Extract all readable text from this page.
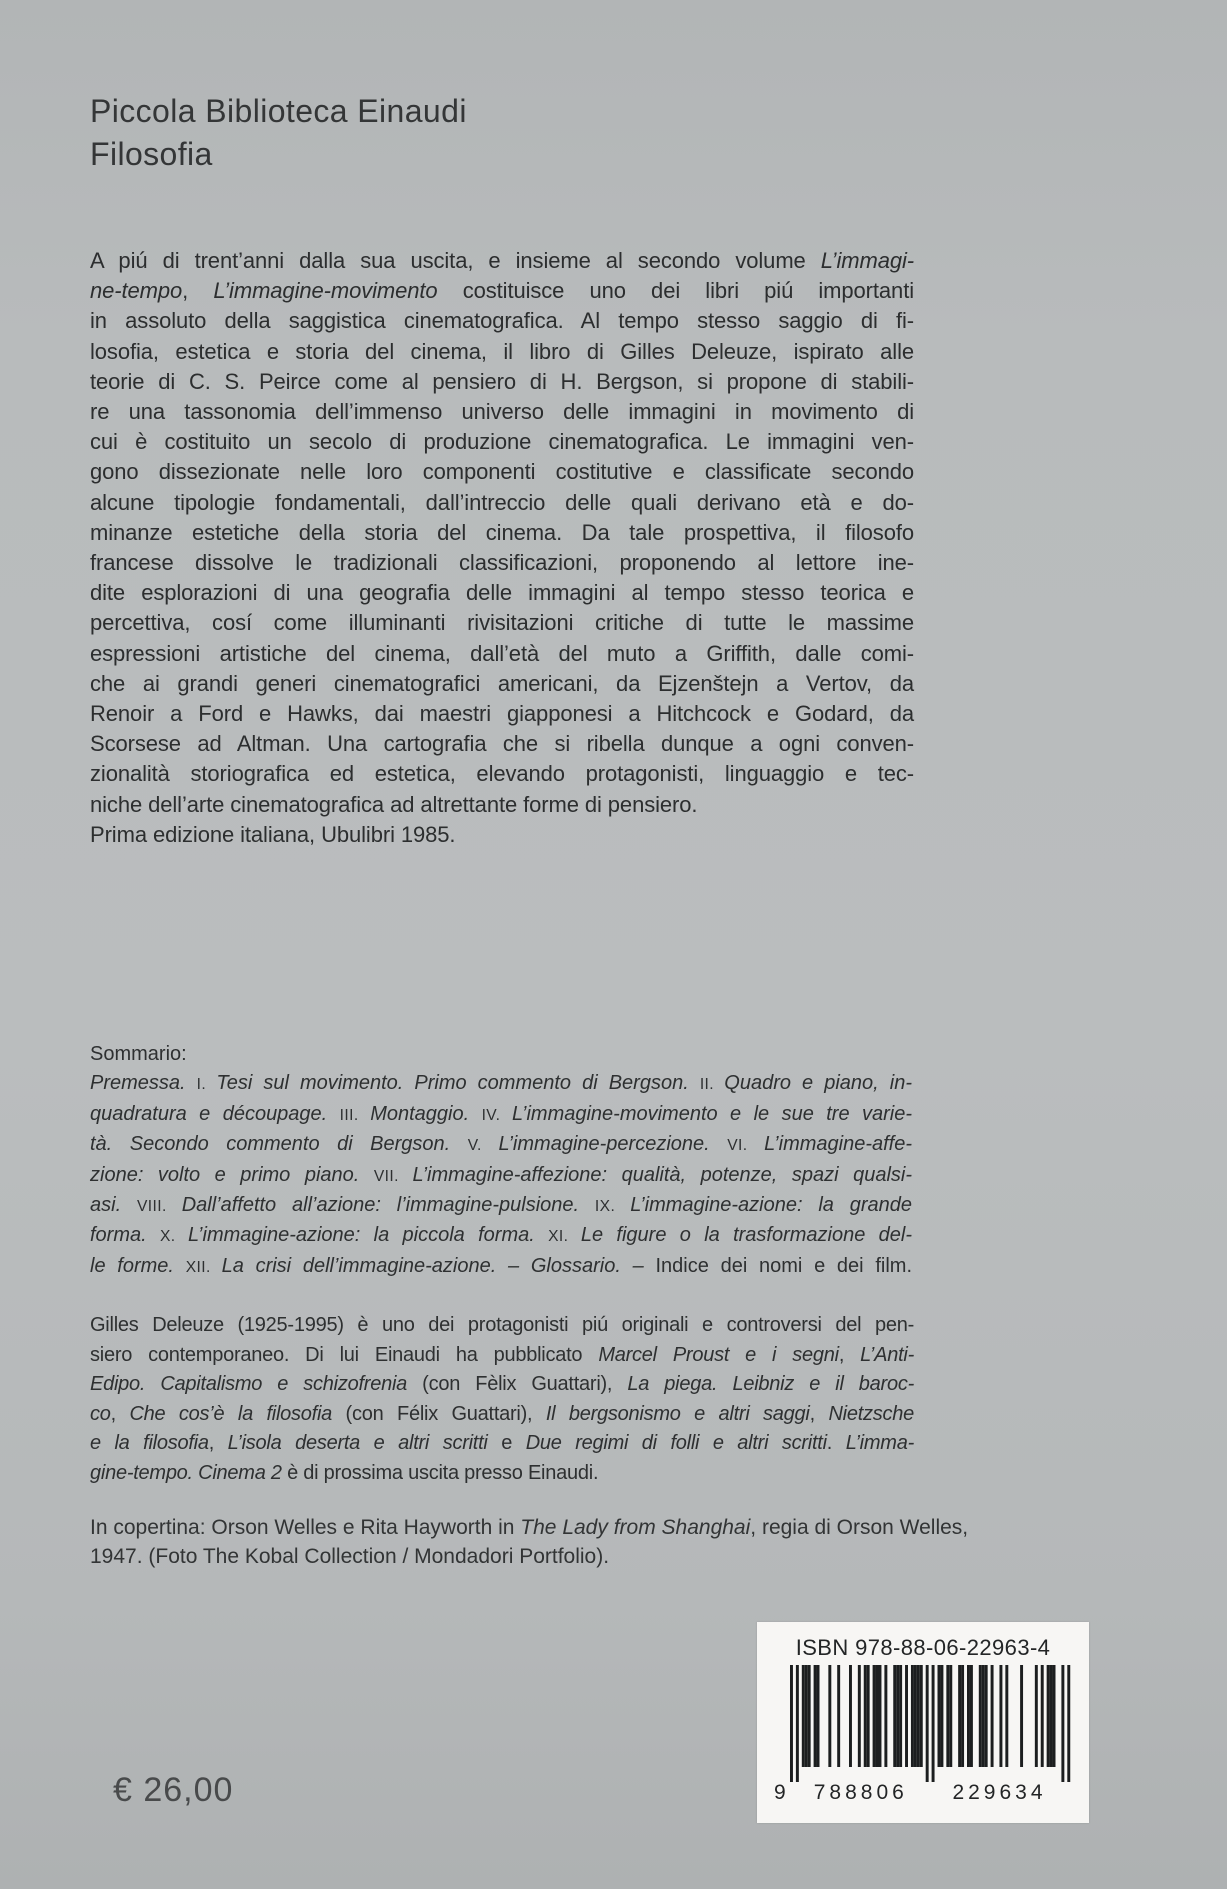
Piccola Biblioteca Einaudi
Filosofia
A piú di trent’anni dalla sua uscita, e insieme al secondo volume L’immagi-
ne-tempo, L’immagine-movimento costituisce uno dei libri piú importanti
in assoluto della saggistica cinematografica. Al tempo stesso saggio di fi-
losofia, estetica e storia del cinema, il libro di Gilles Deleuze, ispirato alle
teorie di C. S. Peirce come al pensiero di H. Bergson, si propone di stabili-
re una tassonomia dell’immenso universo delle immagini in movimento di
cui è costituito un secolo di produzione cinematografica. Le immagini ven-
gono dissezionate nelle loro componenti costitutive e classificate secondo
alcune tipologie fondamentali, dall’intreccio delle quali derivano età e do-
minanze estetiche della storia del cinema. Da tale prospettiva, il filosofo
francese dissolve le tradizionali classificazioni, proponendo al lettore ine-
dite esplorazioni di una geografia delle immagini al tempo stesso teorica e
percettiva, cosí come illuminanti rivisitazioni critiche di tutte le massime
espressioni artistiche del cinema, dall’età del muto a Griffith, dalle comi-
che ai grandi generi cinematografici americani, da Ejzenštejn a Vertov, da
Renoir a Ford e Hawks, dai maestri giapponesi a Hitchcock e Godard, da
Scorsese ad Altman. Una cartografia che si ribella dunque a ogni conven-
zionalità storiografica ed estetica, elevando protagonisti, linguaggio e tec-
niche dell’arte cinematografica ad altrettante forme di pensiero.
Prima edizione italiana, Ubulibri 1985.
Sommario:
Premessa. I. Tesi sul movimento. Primo commento di Bergson. II. Quadro e piano, in-
quadratura e découpage. III. Montaggio. IV. L’immagine-movimento e le sue tre varie-
tà. Secondo commento di Bergson. V. L’immagine-percezione. VI. L’immagine-affe-
zione: volto e primo piano. VII. L’immagine-affezione: qualità, potenze, spazi qualsi-
asi. VIII. Dall’affetto all’azione: l’immagine-pulsione. IX. L’immagine-azione: la grande
forma. X. L’immagine-azione: la piccola forma. XI. Le figure o la trasformazione del-
le forme. XII. La crisi dell’immagine-azione. – Glossario. – Indice dei nomi e dei film.
Gilles Deleuze (1925-1995) è uno dei protagonisti piú originali e controversi del pen-
siero contemporaneo. Di lui Einaudi ha pubblicato Marcel Proust e i segni, L’Anti-
Edipo. Capitalismo e schizofrenia (con Fèlix Guattari), La piega. Leibniz e il baroc-
co, Che cos’è la filosofia (con Félix Guattari), Il bergsonismo e altri saggi, Nietzsche
e la filosofia, L’isola deserta e altri scritti e Due regimi di folli e altri scritti. L’imma-
gine-tempo. Cinema 2 è di prossima uscita presso Einaudi.
In copertina: Orson Welles e Rita Hayworth in The Lady from Shanghai, regia di Orson Welles,
1947. (Foto The Kobal Collection / Mondadori Portfolio).
ISBN 978-88-06-22963-4
9 788806 229634
€ 26,00
